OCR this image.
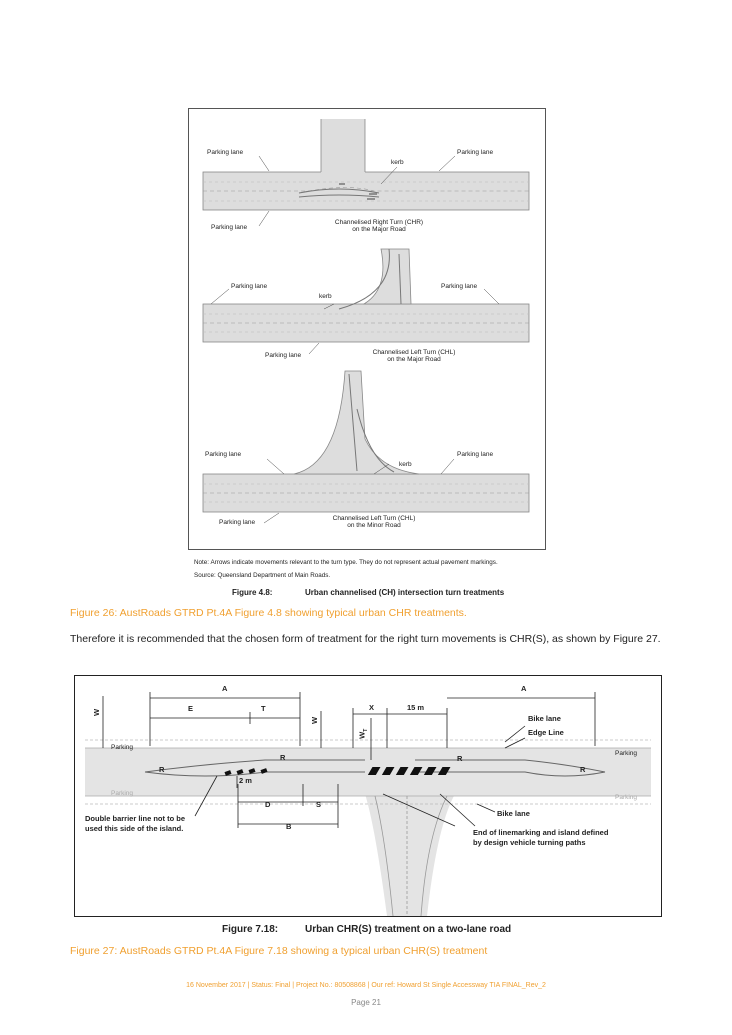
Parking lane	Parking lane
kerb
Parking lane
Channelised Right Turn (CHR)
on the Major Road
Parking lane	Parking lane
kerb
Parking lane	Channelised Left Turn (CHL)
on the Major Road
Parking lane	Parking lane
kerb
Parking lane
Channelised Left Turn (CHL)
on the Minor Road
Note: Arrows indicate movements relevant to the turn type. They do not represent actual pavement markings.
Source: Queensland Department of Main Roads.
Figure 4.8:	Urban channelised (CH) intersection turn treatments
Figure 26: AustRoads GTRD Pt.4A Figure 4.8 showing typical urban CHR treatments.
Therefore it is recommended that the chosen form of treatment for the right turn movements is CHR(S), as shown by Figure 27.
A	A
E	T	X	15 m
W
W
$W_T$
D	S
B
2 m
R
R	R
R
Parking
Parking
Parking
Parking
Bike lane
Edge Line
Bike lane
Double barrier line not to be
used this side of the island.	End of linemarking and island defined
by design vehicle turning paths
Figure 7.18:	Urban CHR(S) treatment on a two-lane road
Figure 27: AustRoads GTRD Pt.4A Figure 7.18 showing a typical urban CHR(S) treatment
16 November 2017 | Status: Final | Project No.: 80508868 | Our ref: Howard St Single Accessway TIA FINAL_Rev_2
Page 21
